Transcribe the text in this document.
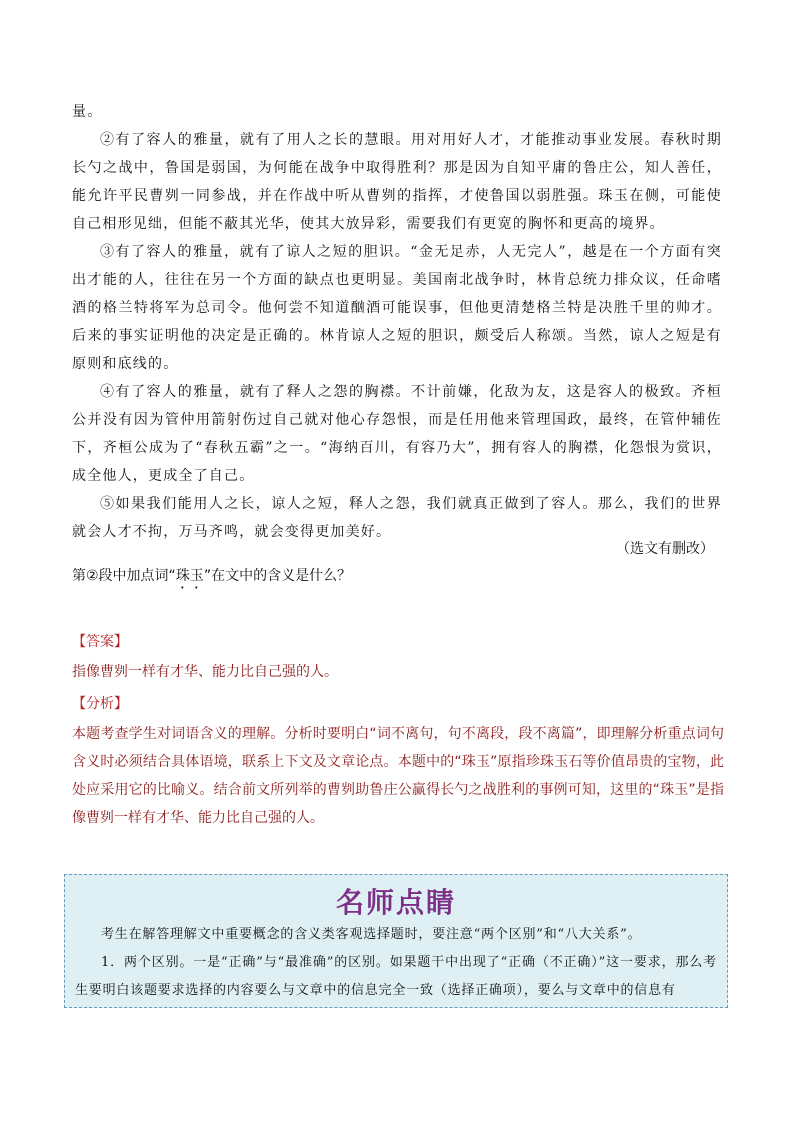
量。

②有了容人的雅量，就有了用人之长的慧眼。用对用好人才，才能推动事业发展。春秋时期长勺之战中，鲁国是弱国，为何能在战争中取得胜利？那是因为自知平庸的鲁庄公，知人善任，能允许平民曹刿一同参战，并在作战中听从曹刿的指挥，才使鲁国以弱胜强。珠玉在侧，可能使自己相形见绌，但能不蔽其光华，使其大放异彩，需要我们有更宽的胸怀和更高的境界。

③有了容人的雅量，就有了谅人之短的胆识。“金无足赤，人无完人”，越是在一个方面有突出才能的人，往往在另一个方面的缺点也更明显。美国南北战争时，林肯总统力排众议，任命嗜酒的格兰特将军为总司令。他何尝不知道酗酒可能误事，但他更清楚格兰特是决胜千里的帅才。后来的事实证明他的决定是正确的。林肯谅人之短的胆识，颇受后人称颂。当然，谅人之短是有原则和底线的。

④有了容人的雅量，就有了释人之怨的胸襟。不计前嫌，化敌为友，这是容人的极致。齐桓公并没有因为管仲用箭射伤过自己就对他心存怨恨，而是任用他来管理国政，最终，在管仲辅佐下，齐桓公成为了“春秋五霸”之一。“海纳百川，有容乃大”，拥有容人的胸襟，化怨恨为赏识，成全他人，更成全了自己。

⑤如果我们能用人之长，谅人之短，释人之怨，我们就真正做到了容人。那么，我们的世界就会人才不拘，万马齐鸣，就会变得更加美好。

（选文有删改）
第②段中加点词“珠玉”在文中的含义是什么？
【答案】
指像曹刿一样有才华、能力比自己强的人。
【分析】
本题考查学生对词语含义的理解。分析时要明白“词不离句，句不离段，段不离篇”，即理解分析重点词句含义时必须结合具体语境，联系上下文及文章论点。本题中的“珠玉”原指珍珠玉石等价值昂贵的宝物，此处应采用它的比喻义。结合前文所列举的曹刿助鲁庄公赢得长勺之战胜利的事例可知，这里的“珠玉”是指像曹刿一样有才华、能力比自己强的人。
名师点睛

考生在解答理解文中重要概念的含义类客观选择题时，要注意“两个区别”和“八大关系”。

1．两个区别。一是“正确”与“最准确”的区别。如果题干中出现了“正确（不正确）”这一要求，那么考生要明白该题要求选择的内容要么与文章中的信息完全一致（选择正确项），要么与文章中的信息有
